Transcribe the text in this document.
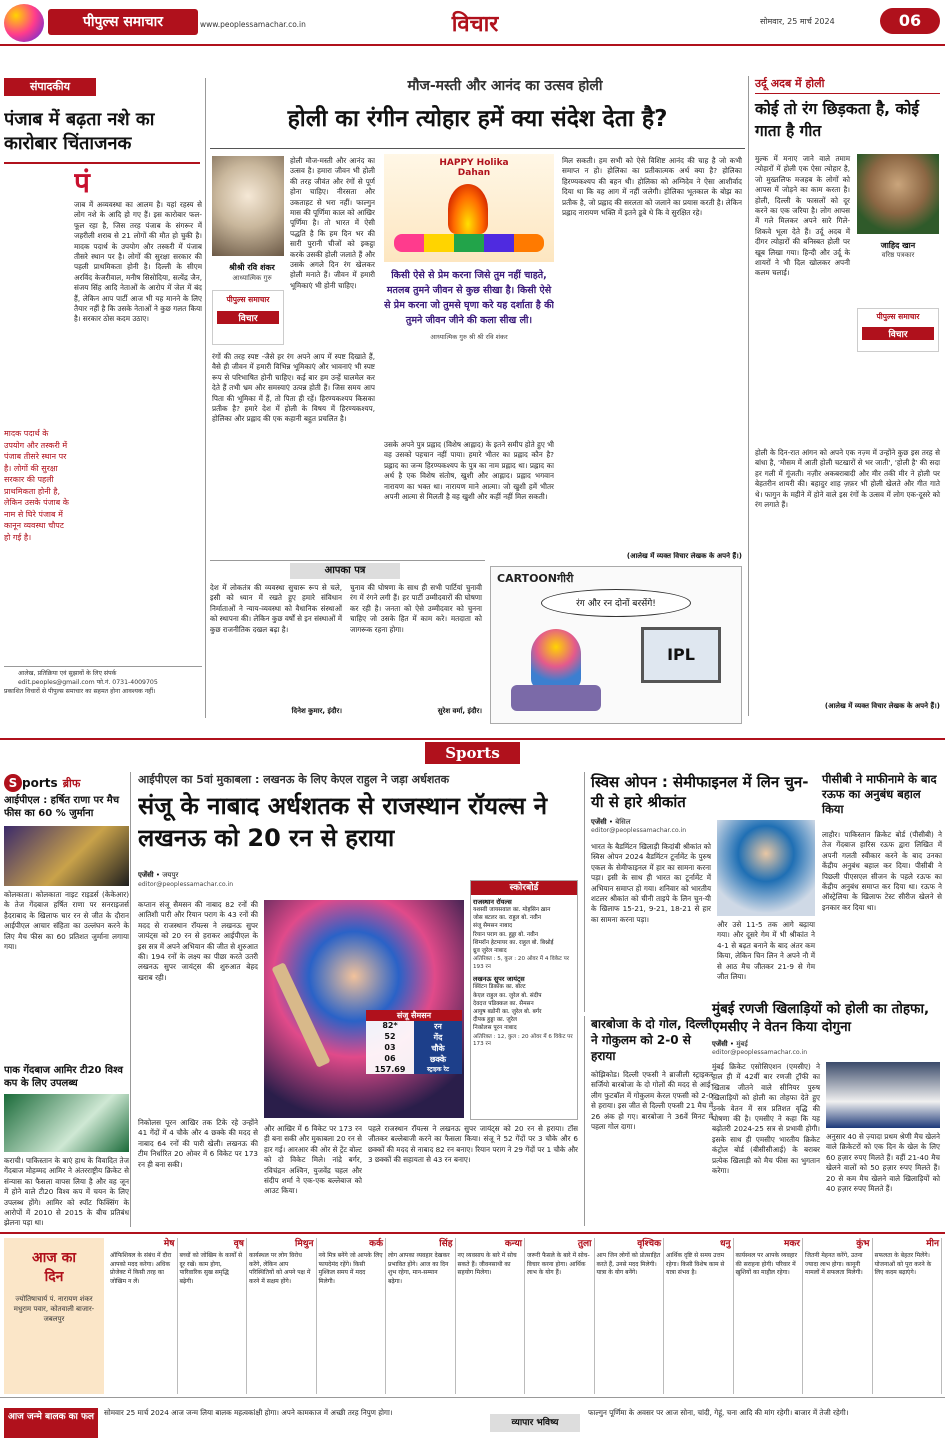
पीपुल्स समाचार	www.peoplessamachar.co.in	विचार	सोमवार, 25 मार्च 2024	06
संपादकीय
पंजाब में बढ़ता नशे का कारोबार चिंताजनक
मादक पदार्थ के उपयोग और तस्करी में पंजाब तीसरे स्थान पर है। लोगों की सुरक्षा सरकार की पहली प्राथमिकता होनी है, लेकिन उसके पंजाब के नाम से घिरे पंजाब में कानून व्यवस्था चौपट हो गई है।
पं
जाब में अव्यवस्था का आलम है। यहां रहस्य से लोग नशे के आदि हो गए हैं। इस कारोबार फल-फूल रहा है, जिस तरह पंजाब के संगरूर में जहरीली शराब से 21 लोगों की मौत हो चुकी है। मादक पदार्थ के उपयोग और तस्करी में पंजाब तीसरे स्थान पर है। लोगों की सुरक्षा सरकार की पहली प्राथमिकता होनी है। दिल्ली के सीएम अरविंद केजरीवाल, मनीष सिसोदिया, सत्येंद्र जैन, संजय सिंह आदि नेताओं के आरोप में जेल में बंद हैं, लेकिन आप पार्टी आज भी यह मानने के लिए तैयार नहीं है कि उसके नेताओं ने कुछ गलत किया है। सरकार ठोस कदम उठाए।
आलेख, प्रतिक्रिया एवं सुझावों के लिए संपर्क
edit.peoples@gmail.com फो.नं. 0731-4009705
प्रकाशित विचारों से पीपुल्स समाचार का सहमत होना आवश्यक नहीं।
मौज-मस्ती और आनंद का उत्सव होली
होली का रंगीन त्योहार हमें क्या संदेश देता है?
श्रीश्री रवि शंकर
आध्यात्मिक गुरु
होली मौज-मस्ती और आनंद का उत्सव है। हमारा जीवन भी होली की तरह जीवंत और रंगों से पूर्ण होना चाहिए। नीरसता और उकताहट से भरा नहीं। फाल्गुन मास की पूर्णिमा काल को आखिर पूर्णिमा है। तो भारत में ऐसी पद्धति है कि हम दिन भर की सारी पुरानी चीजों को इकट्ठा करके उसकी होली जलाते हैं और उसके अगले दिन रंग खेलकर होली मनाते हैं। जीवन में हमारी भूमिकाएं भी होनी चाहिए।
पीपुल्स समाचार
विचार
HAPPY Holika Dahan
किसी ऐसे से प्रेम करना जिसे तुम नहीं चाहते, मतलब तुमने जीवन से कुछ सीखा है। किसी ऐसे से प्रेम करना जो तुमसे घृणा करे यह दर्शाता है की तुमने जीवन जीने की कला सीख ली।
आध्यात्मिक गुरु श्री श्री रवि शंकर
रंगों की तरह स्पष्ट -जैसे हर रंग अपने आप में स्पष्ट दिखाते हैं, वैसे ही जीवन में हमारी विभिन्न भूमिकाएं और भावनाएं भी स्पष्ट रूप से परिभाषित होनी चाहिए। कई बार हम उन्हें घालमेल कर देते हैं तभी भ्रम और समस्याएं उत्पन्न होती हैं। जिस समय आप पिता की भूमिका में हैं, तो पिता ही रहें। हिरण्यकश्यप किसका प्रतीक है? हमारे देश में होली के विषय में हिरण्यकश्यप, होलिका और प्रह्लाद की एक कहानी बहुत प्रचलित है।
उसके अपने पुत्र प्रह्लाद (विशेष आह्लाद) के इतने समीप होते हुए भी वह उसको पहचान नहीं पाया। हमारे भीतर का प्रह्लाद कौन है? प्रह्लाद का जन्म हिरण्यकश्यप के पुत्र का नाम प्रह्लाद था। प्रह्लाद का अर्थ है एक विशेष संतोष, खुशी और आह्लाद। प्रह्लाद भगवान नारायण का भक्त था। नारायण माने आत्मा। जो खुशी हमें भीतर अपनी आत्मा से मिलती है वह खुशी और कहीं नहीं मिल सकती।
मिल सकती। हम सभी को ऐसे विशिष्ट आनंद की चाह है जो कभी समाप्त न हो। होलिका का प्रतीकात्मक अर्थ क्या है? होलिका हिरण्यकश्यप की बहन थी। होलिका को अग्निदेव ने ऐसा आशीर्वाद दिया था कि वह आग में नहीं जलेगी। होलिका भूतकाल के बोझ का प्रतीक है, जो प्रह्लाद की सरलता को जलाने का प्रयास करती है। लेकिन प्रह्लाद नारायण भक्ति में इतने डूबे थे कि वे सुरक्षित रहे।
(आलेख में व्यक्त विचार लेखक के अपने हैं।)
उर्दू अदब में होली
कोई तो रंग छिड़कता है, कोई गाता है गीत
मुल्क में मनाए जाने वाले तमाम त्योहारों में होली एक ऐसा त्योहार है, जो मुख्तलिफ मजहब के लोगों को आपस में जोड़ने का काम करता है। होली, दिल्ली के फासलों को दूर करने का एक जरिया है। लोग आपस में गले मिलकर अपने सारे गिले-शिकवे भूला देते हैं। उर्दू अदब में दीगर त्योहारों की बनिस्बत होली पर खूब लिखा गया। हिन्दी और उर्दू के शायरों ने भी दिल खोलकर अपनी कलम चलाई।
जाहिद खान
वरिष्ठ पत्रकार
पीपुल्स समाचार
विचार
होली के दिन-रात आंगन को अपने एक नज़्म में उन्होंने कुछ इस तरह से बांधा है, 'मौसम में आती होली चटखारों से भर जाती', 'होली है' की सदा हर गली में गूंजती। नज़ीर अकबराबादी और मीर तकी मीर ने होली पर बेहतरीन शायरी की। बहादुर शाह ज़फ़र भी होली खेलते और गीत गाते थे। फागुन के महीने में होने वाले इस रंगों के उत्सव में लोग एक-दूसरे को रंग लगाते हैं।
(आलेख में व्यक्त विचार लेखक के अपने हैं।)
आपका पत्र
देश में लोकतंत्र की व्यवस्था सुचारू रूप से चले, इसी को ध्यान में रखते हुए हमारे संविधान निर्माताओं ने न्याय-व्यवस्था को वैधानिक संस्थाओं को स्थापना की। लेकिन कुछ वर्षों से इन संस्थाओं में कुछ राजनीतिक दखल बढ़ा है।
दिनेश कुमार, इंदौर।
चुनाव की घोषणा के साथ ही सभी पार्टियां चुनावी रंग में रंगने लगी हैं। हर पार्टी उम्मीदवारों की घोषणा कर रही है। जनता को ऐसे उम्मीदवार को चुनना चाहिए जो उसके हित में काम करे। मतदाता को जागरूक रहना होगा।
सुरेश वर्मा, इंदौर।
CARTOONगीरी
रंग और रन दोनों बरसेंगे!
IPL
Sports
S ports ब्रीफ
आईपीएल : हर्षित राणा पर मैच फीस का 60 % जुर्माना
कोलकाता। कोलकाता नाइट राइडर्स (केकेआर) के तेज गेंदबाज हर्षित राणा पर सनराइजर्स हैदराबाद के खिलाफ चार रन से जीत के दौरान आईपीएल आचार संहिता का उल्लंघन करने के लिए मैच फीस का 60 प्रतिशत जुर्माना लगाया गया।
पाक गेंदबाज आमिर टी20 विश्व कप के लिए उपलब्ध
कराची। पाकिस्तान के बाएं हाथ के विवादित तेज गेंदबाज मोहम्मद आमिर ने अंतरराष्ट्रीय क्रिकेट से संन्यास का फैसला वापस लिया है और वह जून में होने वाले टी20 विश्व कप में चयन के लिए उपलब्ध होंगे। आमिर को स्पॉट फिक्सिंग के आरोपों में 2010 से 2015 के बीच प्रतिबंध झेलना पड़ा था।
आईपीएल का 5वां मुकाबला : लखनऊ के लिए केएल राहुल ने जड़ा अर्धशतक
संजू के नाबाद अर्धशतक से राजस्थान रॉयल्स ने लखनऊ को 20 रन से हराया
एजेंसी • जयपुर
editor@peoplessamachar.co.in
कप्तान संजू सैमसन की नाबाद 82 रनों की आतिशी पारी और रियान पराग के 43 रनों की मदद से राजस्थान रॉयल्स ने लखनऊ सुपर जायंट्स को 20 रन से हराकर आईपीएल के इस सत्र में अपने अभियान की जीत से शुरुआत की। 194 रनों के लक्ष्य का पीछा करते उतरी लखनऊ सुपर जायंट्स की शुरुआत बेहद खराब रही।
निकोलस पूरन आखिर तक टिके रहे उन्होंने 41 गेंदों में 4 चौके और 4 छक्के की मदद से नाबाद 64 रनों की पारी खेली। लखनऊ की टीम निर्धारित 20 ओवर में 6 विकेट पर 173 रन ही बना सकी।
संजू सैमसन
82*	रन
52	गेंद
03	चौके
06	छक्के
157.69	स्ट्राइक रेट
और आखिर में 6 विकेट पर 173 रन ही बना सकी और मुकाबला 20 रन से हार गई। आरआर की ओर से ट्रेंट बोल्ट को दो विकेट मिले। नांद्रे बर्गर, रविचंद्रन अश्विन, युजवेंद्र चहल और संदीप शर्मा ने एक-एक बल्लेबाज को आउट किया।
पहले राजस्थान रॉयल्स ने लखनऊ सुपर जायंट्स को 20 रन से हराया। टॉस जीतकर बल्लेबाजी करने का फैसला किया। संजू ने 52 गेंदों पर 3 चौके और 6 छक्कों की मदद से नाबाद 82 रन बनाए। रियान पराग ने 29 गेंदों पर 1 चौके और 3 छक्कों की सहायता से 43 रन बनाए।
स्कोरबोर्ड
राजस्थान रॉयल्स
यशस्वी जायसवाल का. मोहसिन ख़ान
जोस बटलर का. राहुल बो. नवीन
संजू सैमसन नाबाद
रियान पराग का. हुड्डा बो. नवीन
शिमरॉन हेटमायर का. राहुल बो. बिश्नोई
ध्रुव जुरेल नाबाद
अतिरिक्त : 5, कुल : 20 ओवर में 4 विकेट पर 193 रन
लखनऊ सुपर जायंट्स
क्विंटन डिकॉक का. बोल्ट
केएल राहुल का. जुरेल बो. संदीप
देवदत्त पडिक्कल का. सैमसन
आयुष बडोनी का. जुरेल बो. बर्गर
दीपक हुड्डा का. जुरेल
निकोलस पूरन नाबाद
अतिरिक्त : 12, कुल : 20 ओवर में 6 विकेट पर 173 रन
स्विस ओपन : सेमीफाइनल में लिन चुन-यी से हारे श्रीकांत
एजेंसी • बेसिल
editor@peoplessamachar.co.in
भारत के बैडमिंटन खिलाड़ी किदांबी श्रीकांत को स्विस ओपन 2024 बैडमिंटन टूर्नामेंट के पुरुष एकल के सेमीफाइनल में हार का सामना करना पड़ा। इसी के साथ ही भारत का टूर्नामेंट में अभियान समाप्त हो गया। शनिवार को भारतीय शटलर श्रीकांत को चीनी ताइपे के लिन चुन-यी के खिलाफ 15-21, 9-21, 18-21 से हार का सामना करना पड़ा।
और उसे 11-5 तक आगे बढ़ाया गया। और दूसरे गेम में भी श्रीकांत ने 4-1 से बढ़त बनाने के बाद अंतर कम किया, लेकिन चिन लिन ने अपने नौ में से आठ मैच जीतकर 21-9 से गेम जीत लिया।
बारबोजा के दो गोल, दिल्ली ने गोकुलम को 2-0 से हराया
कोझिकोड। दिल्ली एफसी ने ब्राजीली स्ट्राइकर सर्जियो बारबोजा के दो गोलों की मदद से आई-लीग फुटबॉल में गोकुलम केरल एफसी को 2-0 से हराया। इस जीत से दिल्ली एफसी 21 मैच में 26 अंक हो गए। बारबोजा ने 36वें मिनट में पहला गोल दागा।
पीसीबी ने माफीनामे के बाद रऊफ का अनुबंध बहाल किया
लाहौर। पाकिस्तान क्रिकेट बोर्ड (पीसीबी) ने तेज गेंदबाज हारिस रऊफ द्वारा लिखित में अपनी गलती स्वीकार करने के बाद उनका केंद्रीय अनुबंध बहाल कर दिया। पीसीबी ने पिछली पीएसएल सीजन के पहले रऊफ का केंद्रीय अनुबंध समाप्त कर दिया था। रऊफ ने ऑस्ट्रेलिया के खिलाफ टेस्ट सीरीज खेलने से इनकार कर दिया था।
मुंबई रणजी खिलाड़ियों को होली का तोहफा, एमसीए ने वेतन किया दोगुना
एजेंसी • मुंबई
editor@peoplessamachar.co.in
मुंबई क्रिकेट एसोसिएशन (एमसीए) ने हाल ही में 42वीं बार रणजी ट्रॉफी का खिताब जीतने वाले सीनियर पुरुष खिलाड़ियों को होली का तोहफा देते हुए उनके वेतन में सत्र प्रतिशत वृद्धि की घोषणा की है। एमसीए ने कहा कि यह बढ़ोतरी 2024-25 सत्र से प्रभावी होगी। इसके साथ ही एमसीए भारतीय क्रिकेट कंट्रोल बोर्ड (बीसीसीआई) के बराबर प्रत्येक खिलाड़ी को मैच फीस का भुगतान करेगा।
अनुसार 40 से ज़्यादा प्रथम श्रेणी मैच खेलने वाले क्रिकेटरों को एक दिन के खेल के लिए 60 हज़ार रुपए मिलते हैं। वहीं 21-40 मैच खेलने वालों को 50 हज़ार रुपए मिलते हैं। 20 से कम मैच खेलने वाले खिलाड़ियों को 40 हज़ार रुपए मिलते हैं।
आज का
दिन
ज्योतिषाचार्य पं. नारायण शंकर मधुराम पवार, कोतवाली बाजार-जबलपुर
मेष
ऑफिशियल के संबंध में दौरा आपको मदद करेगा। अधिक प्रोजेक्ट में किसी तरह का जोखिम न लें।
वृष
बच्चों को जोखिम के कार्यों से दूर रखें। काम होगा, पारिवारिक सुख समृद्धि बढ़ेगी।
मिथुन
कार्यस्थल पर लोग विरोध करेंगे, लेकिन आप परिस्थितियों को अपने पक्ष में करने में सक्षम होंगे।
कर्क
नये मित्र बनेंगे जो आपके लिए फायदेमंद रहेंगे। किसी मुश्किल समय में मदद मिलेगी।
सिंह
लोग आपका व्यवहार देखकर प्रभावित होंगे। आज का दिन शुभ रहेगा, मान-सम्मान बढ़ेगा।
कन्या
नए व्यवसाय के बारे में सोच सकते हैं। जीवनसाथी का सहयोग मिलेगा।
तुला
जरूरी फैसले के बारे में सोच-विचार करना होगा। आर्थिक लाभ के योग हैं।
वृश्चिक
आप जिन लोगों को प्रोत्साहित करते हैं, उनसे मदद मिलेगी। यात्रा के योग बनेंगे।
धनु
आर्थिक दृष्टि से समय उत्तम रहेगा। किसी विशेष काम से यात्रा संभव है।
मकर
कार्यस्थल पर आपके व्यवहार की सराहना होगी। परिवार में खुशियों का माहौल रहेगा।
कुंभ
जितनी मेहनत करेंगे, उतना ज्यादा लाभ होगा। कानूनी मामलों में सफलता मिलेगी।
मीन
सफलता के बेहतर मिलेंगे। योजनाओं को पूरा करने के लिए कदम बढ़ाएंगे।
आज जन्मे बालक का फल	सोमवार 25 मार्च 2024 आज जन्म लिया बालक महत्वकांक्षी होगा। अपने कामकाज में अच्छी तरह निपुण होगा।
व्यापार भविष्य
फाल्गुन पूर्णिमा के अवसर पर आज सोना, चांदी, गेहूं, चना आदि की मांग रहेगी। बाजार में तेजी रहेगी।
